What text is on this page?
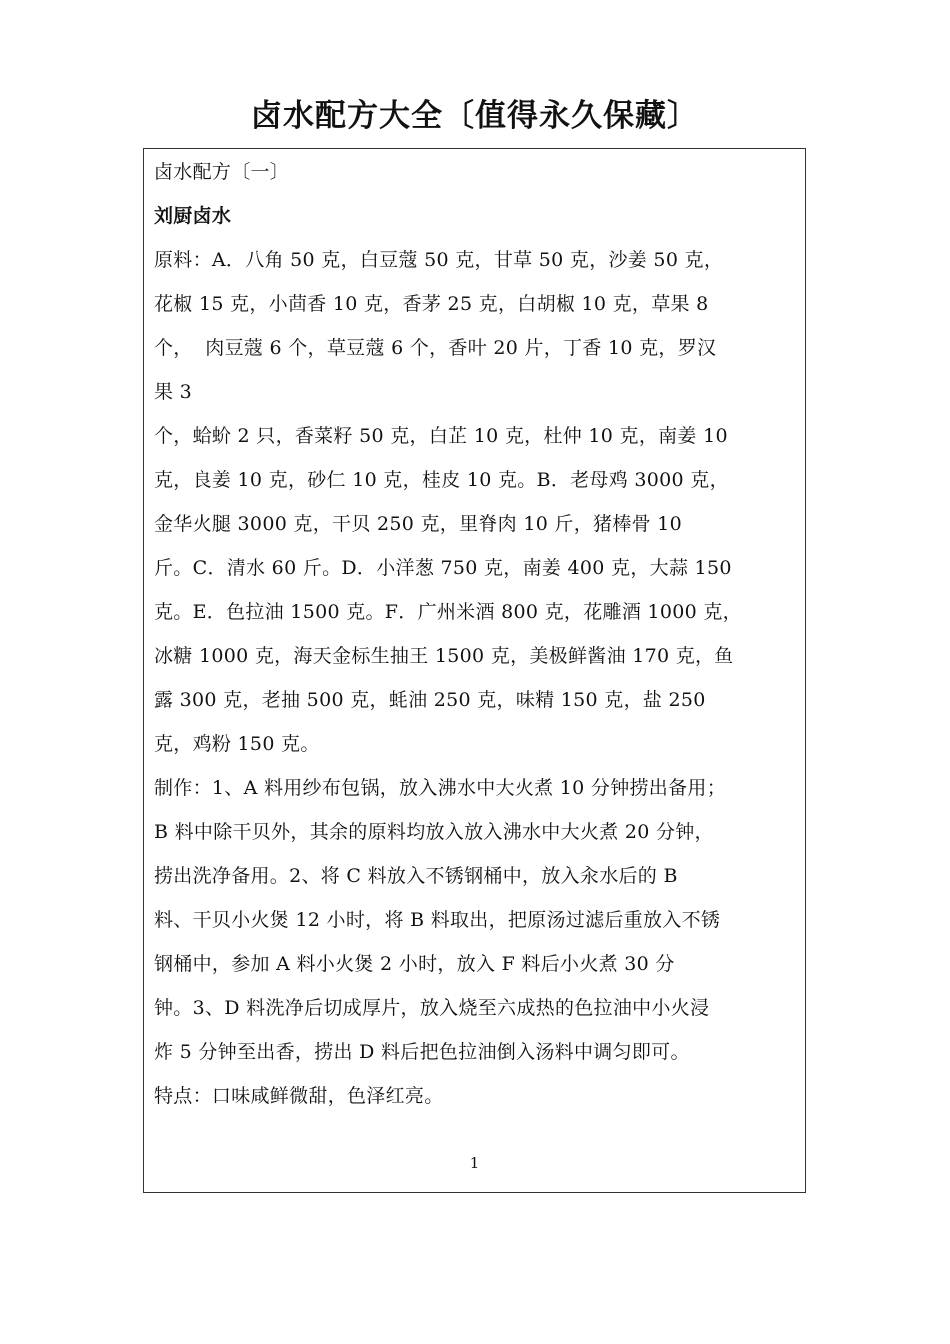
卤水配方大全〔值得永久保藏〕
卤水配方〔一〕
刘厨卤水
原料：A．八角 50 克，白豆蔻 50 克，甘草 50 克，沙姜 50 克，
花椒 15 克，小茴香 10 克，香茅 25 克，白胡椒 10 克，草果 8
个，  肉豆蔻 6 个，草豆蔻 6 个，香叶 20 片，丁香 10 克，罗汉
果 3
个，蛤蚧 2 只，香菜籽 50 克，白芷 10 克，杜仲 10 克，南姜 10
克，良姜 10 克，砂仁 10 克，桂皮 10 克。B．老母鸡 3000 克，
金华火腿 3000 克，干贝 250 克，里脊肉 10 斤，猪棒骨 10
斤。C．清水 60 斤。D．小洋葱 750 克，南姜 400 克，大蒜 150
克。E．色拉油 1500 克。F．广州米酒 800 克，花雕酒 1000 克，
冰糖 1000 克，海天金标生抽王 1500 克，美极鲜酱油 170 克，鱼
露 300 克，老抽 500 克，蚝油 250 克，味精 150 克，盐 250
克，鸡粉 150 克。
制作：1、A 料用纱布包锅，放入沸水中大火煮 10 分钟捞出备用；
B 料中除干贝外，其余的原料均放入放入沸水中大火煮 20 分钟，
捞出洗净备用。2、将 C 料放入不锈钢桶中，放入汆水后的 B
料、干贝小火煲 12 小时，将 B 料取出，把原汤过滤后重放入不锈
钢桶中，参加 A 料小火煲 2 小时，放入 F 料后小火煮 30 分
钟。3、D 料洗净后切成厚片，放入烧至六成热的色拉油中小火浸
炸 5 分钟至出香，捞出 D 料后把色拉油倒入汤料中调匀即可。
特点：口味咸鲜微甜，色泽红亮。
1
